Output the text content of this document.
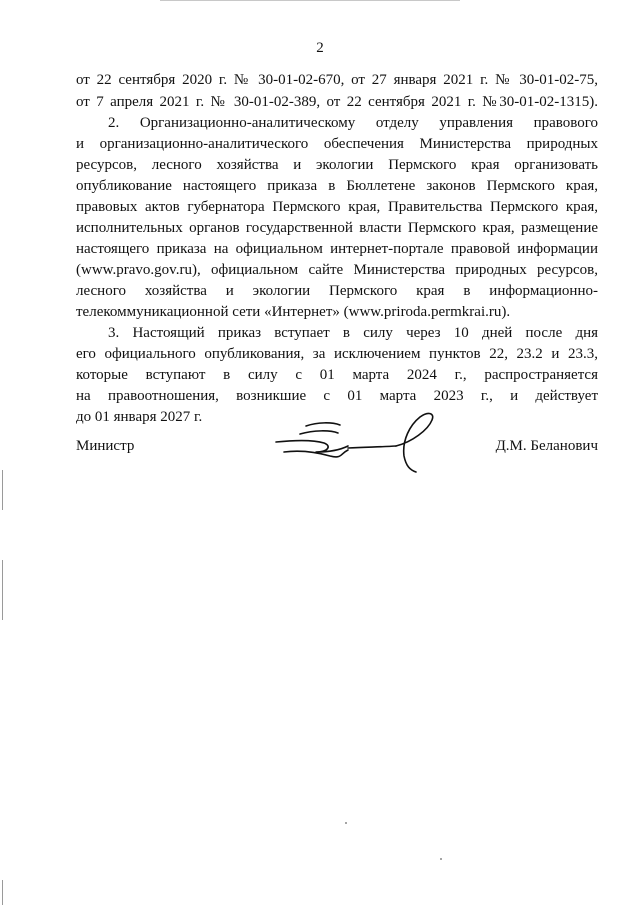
2
от 22 сентября 2020 г. № 30-01-02-670, от 27 января 2021 г. № 30-01-02-75,
от 7 апреля 2021 г. № 30-01-02-389, от 22 сентября 2021 г. №30-01-02-1315).
2. Организационно-аналитическому отделу управления правового
и организационно-аналитического обеспечения Министерства природных
ресурсов, лесного хозяйства и экологии Пермского края организовать
опубликование настоящего приказа в Бюллетене законов Пермского края,
правовых актов губернатора Пермского края, Правительства Пермского края,
исполнительных органов государственной власти Пермского края, размещение
настоящего приказа на официальном интернет-портале правовой информации
(www.pravo.gov.ru), официальном сайте Министерства природных ресурсов,
лесного хозяйства и экологии Пермского края в информационно-
телекоммуникационной сети «Интернет» (www.priroda.permkrai.ru).
3. Настоящий приказ вступает в силу через 10 дней после дня
его официального опубликования, за исключением пунктов 22, 23.2 и 23.3,
которые вступают в силу с 01 марта 2024 г., распространяется
на правоотношения, возникшие с 01 марта 2023 г., и действует
до 01 января 2027 г.
Министр	Д.М. Беланович
